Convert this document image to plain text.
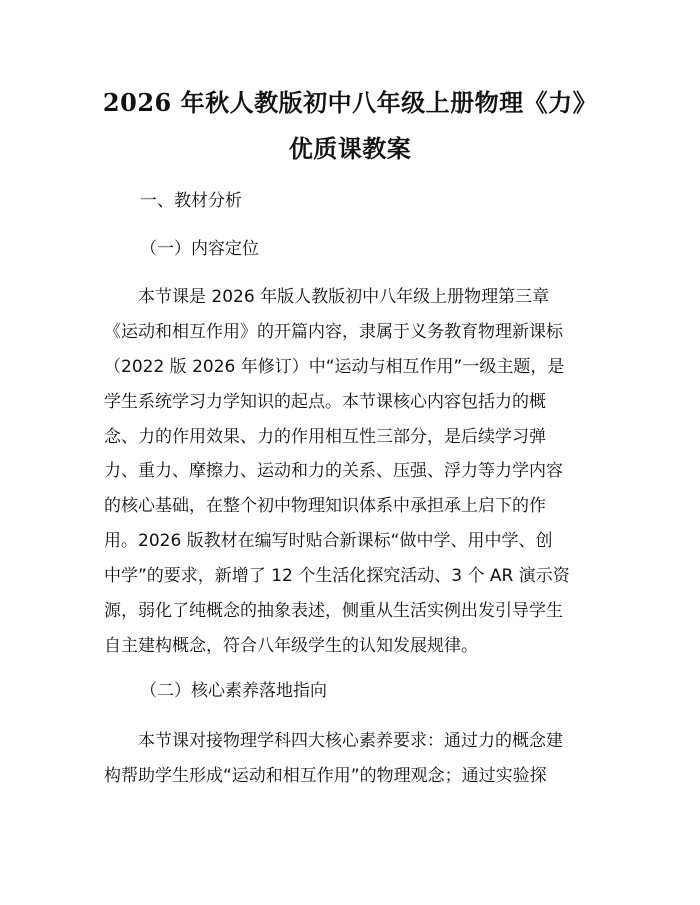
2026 年秋人教版初中八年级上册物理《力》
优质课教案
一、教材分析
（一）内容定位
本节课是 2026 年版人教版初中八年级上册物理第三章
《运动和相互作用》的开篇内容，隶属于义务教育物理新课标
（2022 版 2026 年修订）中“运动与相互作用”一级主题，是
学生系统学习力学知识的起点。本节课核心内容包括力的概
念、力的作用效果、力的作用相互性三部分，是后续学习弹
力、重力、摩擦力、运动和力的关系、压强、浮力等力学内容
的核心基础，在整个初中物理知识体系中承担承上启下的作
用。2026 版教材在编写时贴合新课标“做中学、用中学、创
中学”的要求，新增了 12 个生活化探究活动、3 个 AR 演示资
源，弱化了纯概念的抽象表述，侧重从生活实例出发引导学生
自主建构概念，符合八年级学生的认知发展规律。
（二）核心素养落地指向
本节课对接物理学科四大核心素养要求：通过力的概念建
构帮助学生形成“运动和相互作用”的物理观念；通过实验探
